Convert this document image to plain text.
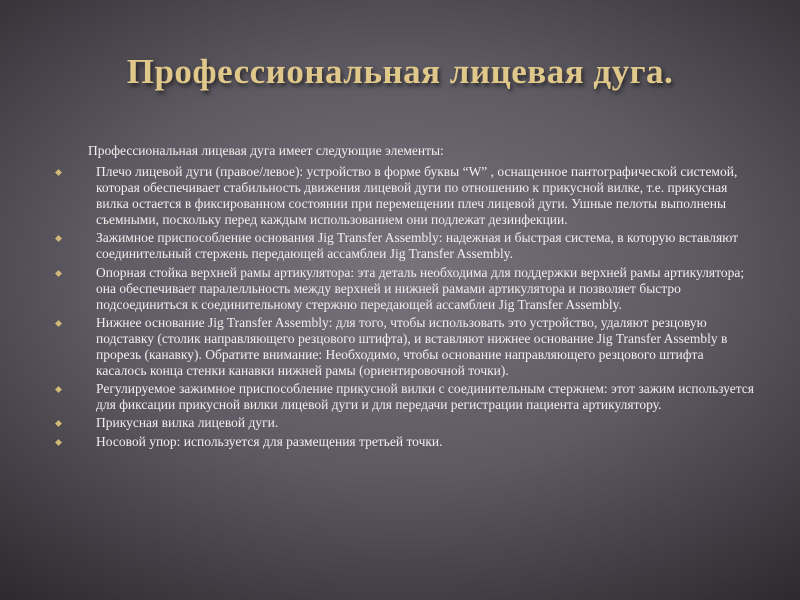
Профессиональная лицевая дуга.

Профессиональная лицевая дуга имеет следующие элементы:

Плечо лицевой дуги (правое/левое): устройство в форме буквы “W” , оснащенное пантографической системой, которая обеспечивает стабильность движения лицевой дуги по отношению к прикусной вилке, т.е. прикусная вилка остается в фиксированном состоянии при перемещении плеч лицевой дуги. Ушные пелоты выполнены съемными, поскольку перед каждым использованием они подлежат дезинфекции.
Зажимное приспособление основания Jig Transfer Assembly: надежная и быстрая система, в которую вставляют соединительный стержень передающей ассамблеи Jig Transfer Assembly.
Опорная стойка верхней рамы артикулятора: эта деталь необходима для поддержки верхней рамы артикулятора; она обеспечивает паралелльность между верхней и нижней рамами артикулятора и позволяет быстро подсоединиться к соединительному стержню передающей ассамблеи Jig Transfer Assembly.
Нижнее основание Jig Transfer Assembly: для того, чтобы использовать это устройство, удаляют резцовую подставку (столик направляющего резцового штифта), и вставляют нижнее основание Jig Transfer Assembly в прорезь (канавку). Обратите внимание: Необходимо, чтобы основание направляющего резцового штифта касалось конца стенки канавки нижней рамы (ориентировочной точки).
Регулируемое зажимное приспособление прикусной вилки с соединительным стержнем: этот зажим используется для фиксации прикусной вилки лицевой дуги и для передачи регистрации пациента артикулятору.
Прикусная вилка лицевой дуги.
Носовой упор: используется для размещения третьей точки.
